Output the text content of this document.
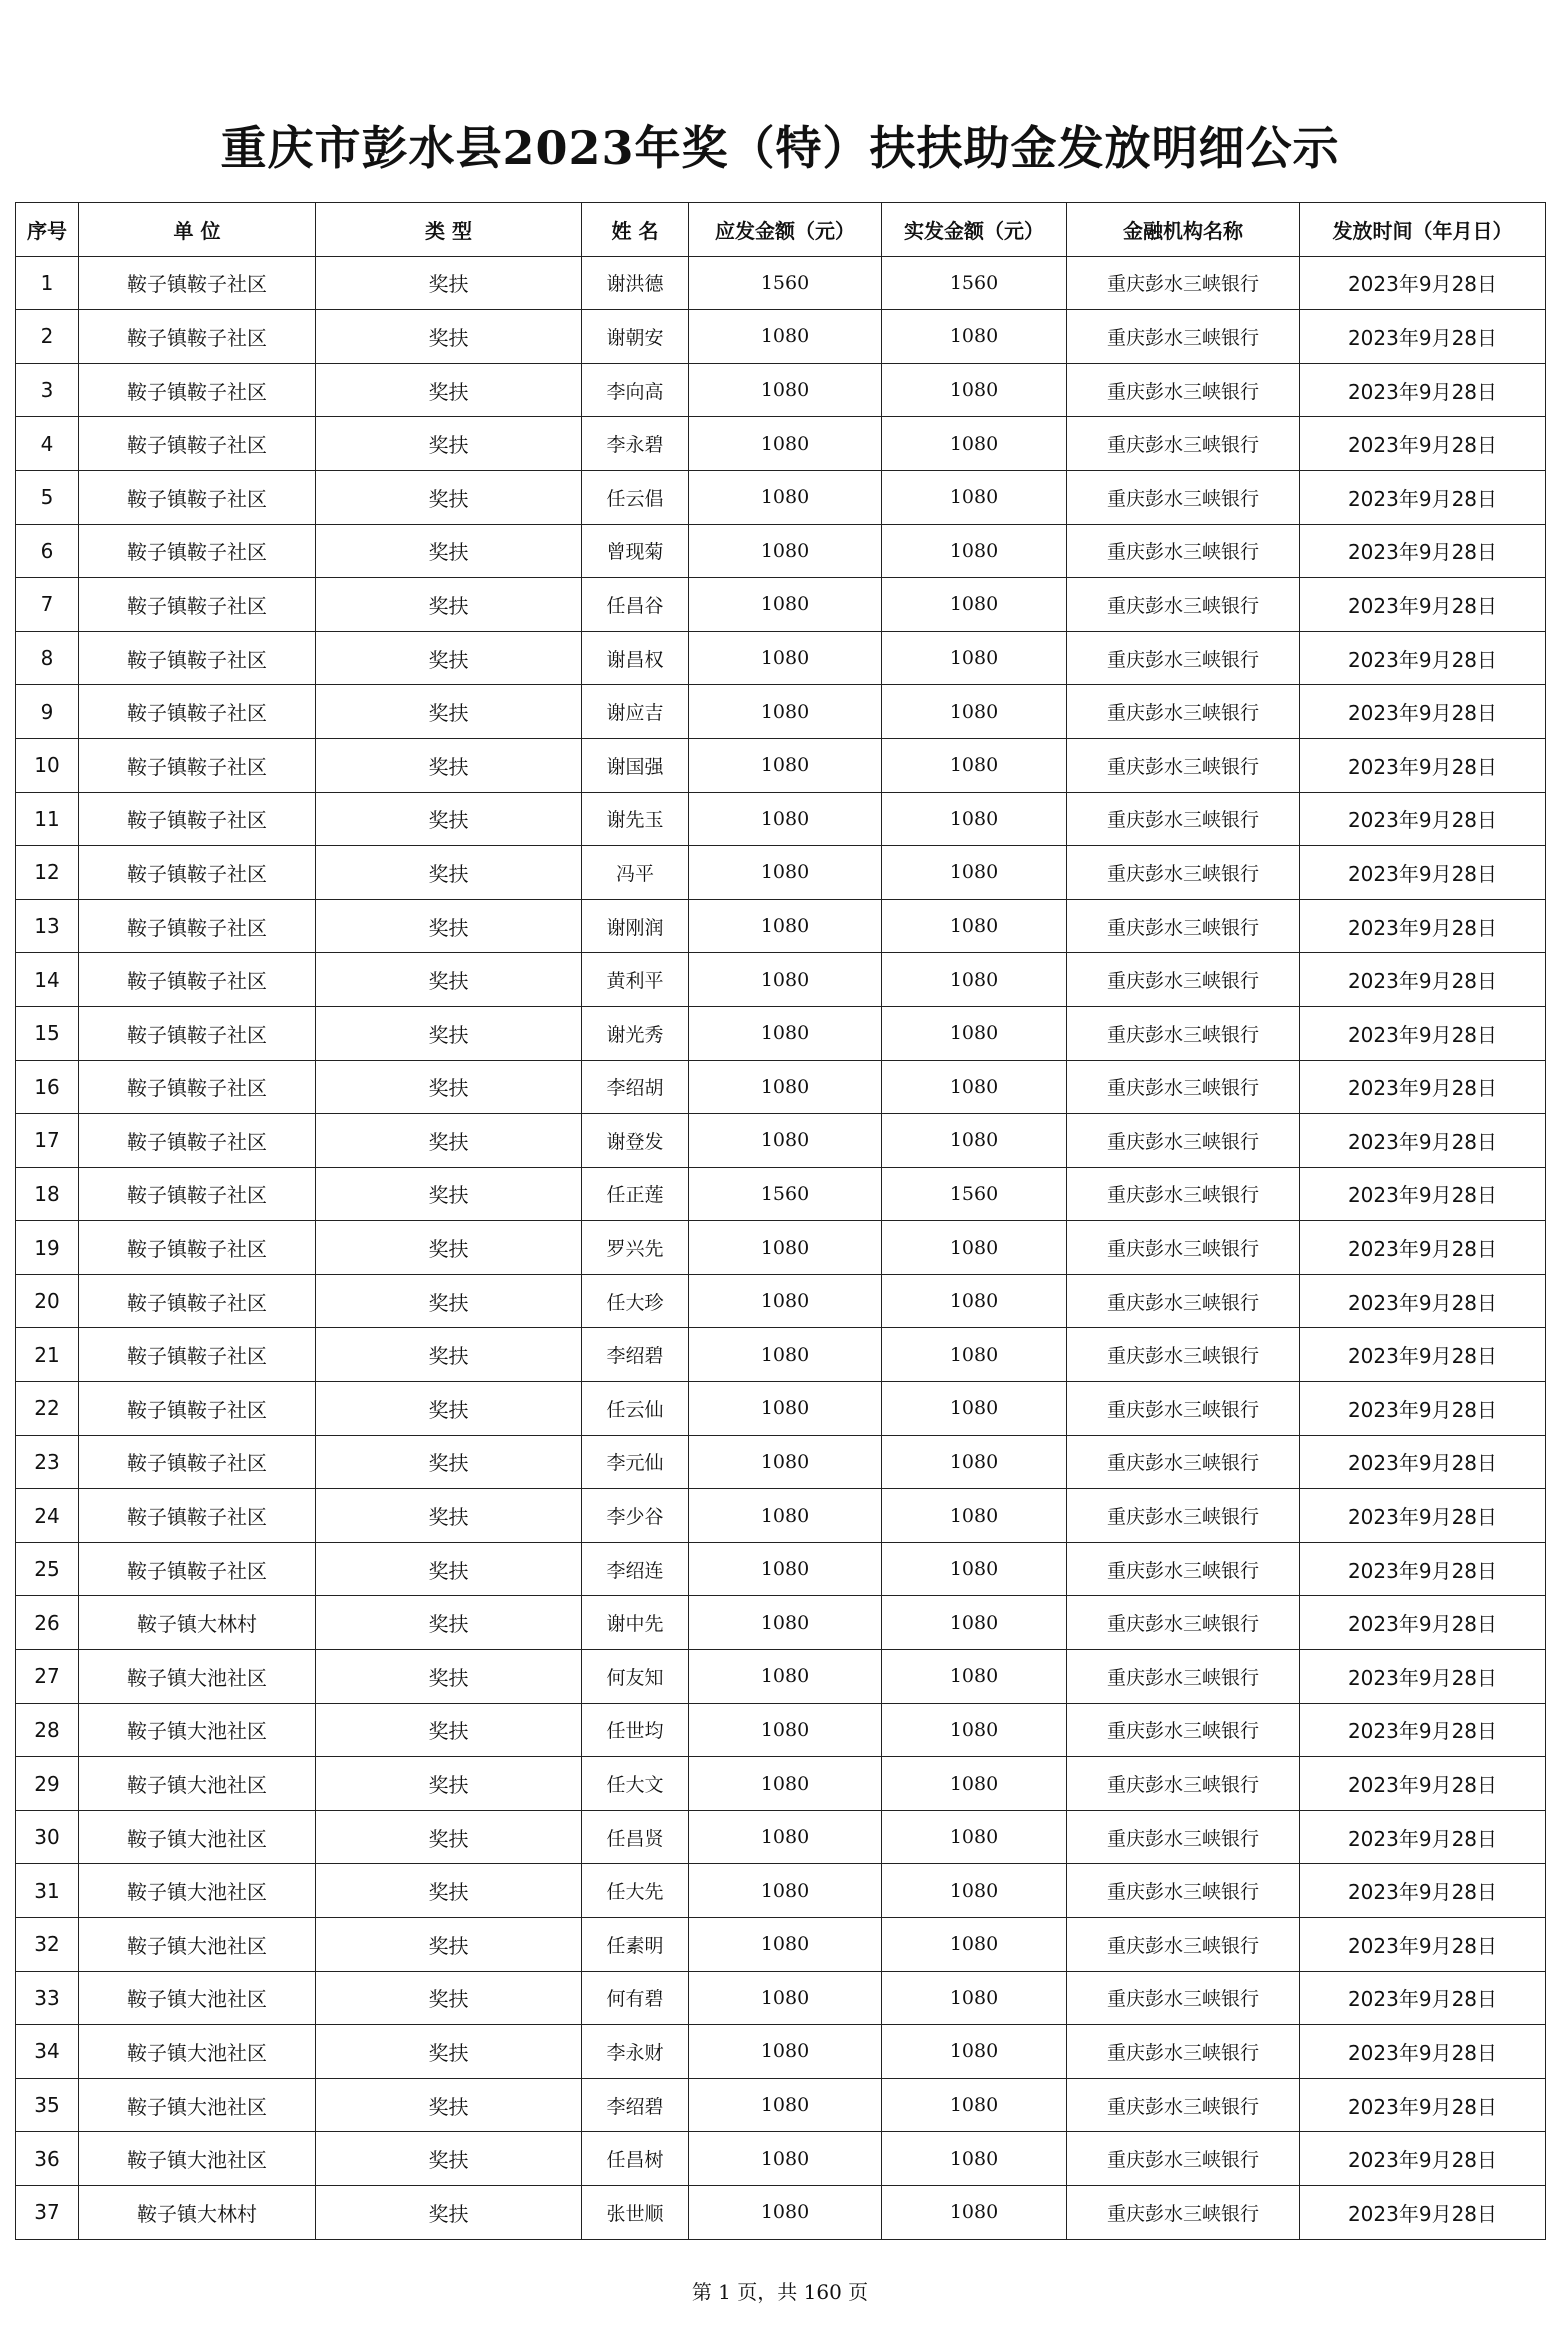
重庆市彭水县2023年奖（特）扶扶助金发放明细公示
序号	单 位	类 型	姓 名	应发金额（元）	实发金额（元）	金融机构名称	发放时间（年月日）
1	鞍子镇鞍子社区	奖扶	谢洪德	1560	1560	重庆彭水三峡银行	2023年9月28日
2	鞍子镇鞍子社区	奖扶	谢朝安	1080	1080	重庆彭水三峡银行	2023年9月28日
3	鞍子镇鞍子社区	奖扶	李向高	1080	1080	重庆彭水三峡银行	2023年9月28日
4	鞍子镇鞍子社区	奖扶	李永碧	1080	1080	重庆彭水三峡银行	2023年9月28日
5	鞍子镇鞍子社区	奖扶	任云倡	1080	1080	重庆彭水三峡银行	2023年9月28日
6	鞍子镇鞍子社区	奖扶	曾现菊	1080	1080	重庆彭水三峡银行	2023年9月28日
7	鞍子镇鞍子社区	奖扶	任昌谷	1080	1080	重庆彭水三峡银行	2023年9月28日
8	鞍子镇鞍子社区	奖扶	谢昌权	1080	1080	重庆彭水三峡银行	2023年9月28日
9	鞍子镇鞍子社区	奖扶	谢应吉	1080	1080	重庆彭水三峡银行	2023年9月28日
10	鞍子镇鞍子社区	奖扶	谢国强	1080	1080	重庆彭水三峡银行	2023年9月28日
11	鞍子镇鞍子社区	奖扶	谢先玉	1080	1080	重庆彭水三峡银行	2023年9月28日
12	鞍子镇鞍子社区	奖扶	冯平	1080	1080	重庆彭水三峡银行	2023年9月28日
13	鞍子镇鞍子社区	奖扶	谢刚润	1080	1080	重庆彭水三峡银行	2023年9月28日
14	鞍子镇鞍子社区	奖扶	黄利平	1080	1080	重庆彭水三峡银行	2023年9月28日
15	鞍子镇鞍子社区	奖扶	谢光秀	1080	1080	重庆彭水三峡银行	2023年9月28日
16	鞍子镇鞍子社区	奖扶	李绍胡	1080	1080	重庆彭水三峡银行	2023年9月28日
17	鞍子镇鞍子社区	奖扶	谢登发	1080	1080	重庆彭水三峡银行	2023年9月28日
18	鞍子镇鞍子社区	奖扶	任正莲	1560	1560	重庆彭水三峡银行	2023年9月28日
19	鞍子镇鞍子社区	奖扶	罗兴先	1080	1080	重庆彭水三峡银行	2023年9月28日
20	鞍子镇鞍子社区	奖扶	任大珍	1080	1080	重庆彭水三峡银行	2023年9月28日
21	鞍子镇鞍子社区	奖扶	李绍碧	1080	1080	重庆彭水三峡银行	2023年9月28日
22	鞍子镇鞍子社区	奖扶	任云仙	1080	1080	重庆彭水三峡银行	2023年9月28日
23	鞍子镇鞍子社区	奖扶	李元仙	1080	1080	重庆彭水三峡银行	2023年9月28日
24	鞍子镇鞍子社区	奖扶	李少谷	1080	1080	重庆彭水三峡银行	2023年9月28日
25	鞍子镇鞍子社区	奖扶	李绍连	1080	1080	重庆彭水三峡银行	2023年9月28日
26	鞍子镇大林村	奖扶	谢中先	1080	1080	重庆彭水三峡银行	2023年9月28日
27	鞍子镇大池社区	奖扶	何友知	1080	1080	重庆彭水三峡银行	2023年9月28日
28	鞍子镇大池社区	奖扶	任世均	1080	1080	重庆彭水三峡银行	2023年9月28日
29	鞍子镇大池社区	奖扶	任大文	1080	1080	重庆彭水三峡银行	2023年9月28日
30	鞍子镇大池社区	奖扶	任昌贤	1080	1080	重庆彭水三峡银行	2023年9月28日
31	鞍子镇大池社区	奖扶	任大先	1080	1080	重庆彭水三峡银行	2023年9月28日
32	鞍子镇大池社区	奖扶	任素明	1080	1080	重庆彭水三峡银行	2023年9月28日
33	鞍子镇大池社区	奖扶	何有碧	1080	1080	重庆彭水三峡银行	2023年9月28日
34	鞍子镇大池社区	奖扶	李永财	1080	1080	重庆彭水三峡银行	2023年9月28日
35	鞍子镇大池社区	奖扶	李绍碧	1080	1080	重庆彭水三峡银行	2023年9月28日
36	鞍子镇大池社区	奖扶	任昌树	1080	1080	重庆彭水三峡银行	2023年9月28日
37	鞍子镇大林村	奖扶	张世顺	1080	1080	重庆彭水三峡银行	2023年9月28日
第 1 页，共 160 页
